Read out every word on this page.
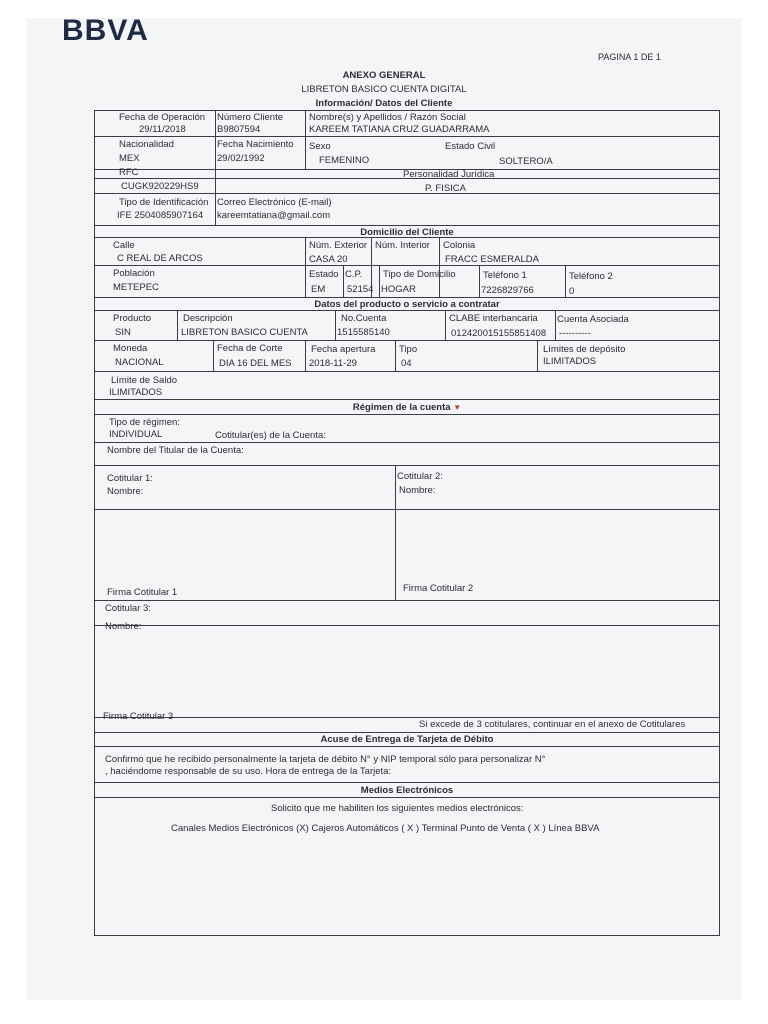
BBVA
PAGINA 1 DE 1
ANEXO GENERAL
LIBRETON BASICO CUENTA DIGITAL
Información/ Datos del Cliente
Fecha de Operación
29/11/2018
Número Cliente
B9807594
Nombre(s) y Apellidos / Razón Social
KAREEM TATIANA CRUZ GUADARRAMA
Nacionalidad
MEX
Fecha Nacimiento
29/02/1992
Sexo
FEMENINO
Estado Civil
SOLTERO/A
RFC
CUGK920229HS9
Personalidad Jurídica
P. FISICA
Tipo de Identificación
IFE 2504085907164
Correo Electrónico (E-mail)
kareemtatiana@gmail.com
Domicilio del Cliente
Calle
C REAL DE ARCOS
Núm. Exterior
CASA 20
Núm. Interior Colonia
FRACC ESMERALDA
Población
METEPEC
Estado
EM
C.P.
52154
Tipo de Domicilio
HOGAR
Teléfono 1
7226829766
Teléfono 2
0
Datos del producto o servicio a contratar
Producto
SIN
Descripción
LIBRETON BASICO CUENTA
No.Cuenta
1515585140
CLABE interbancaria
012420015155851408
Cuenta Asociada
----------
Moneda
NACIONAL
Fecha de Corte
DIA 16 DEL MES
Fecha apertura
2018-11-29
Tipo
04
Límites de depósito
ILIMITADOS
Límite de Saldo
ILIMITADOS
Régimen de la cuenta ▼
Tipo de régimen:
INDIVIDUAL	Cotitular(es) de la Cuenta:
Nombre del Titular de la Cuenta:
Cotitular 1:
Nombre:
Cotitular 2:
Nombre:
Firma Cotitular 1	Firma Cotitular 2
Cotitular 3:
Nombre:
Firma Cotitular 3
Si excede de 3 cotitulares, continuar en el anexo de Cotitulares
Acuse de Entrega de Tarjeta de Débito
Confirmo que he recibido personalmente la tarjeta de débito N° y NIP temporal sólo para personalizar N°
, haciéndome responsable de su uso. Hora de entrega de la Tarjeta:
Medios Electrónicos
Solicito que me habiliten los siguientes medios electrónicos:
Canales Medios Electrónicos (X) Cajeros Automáticos ( X ) Terminal Punto de Venta ( X ) Línea BBVA
